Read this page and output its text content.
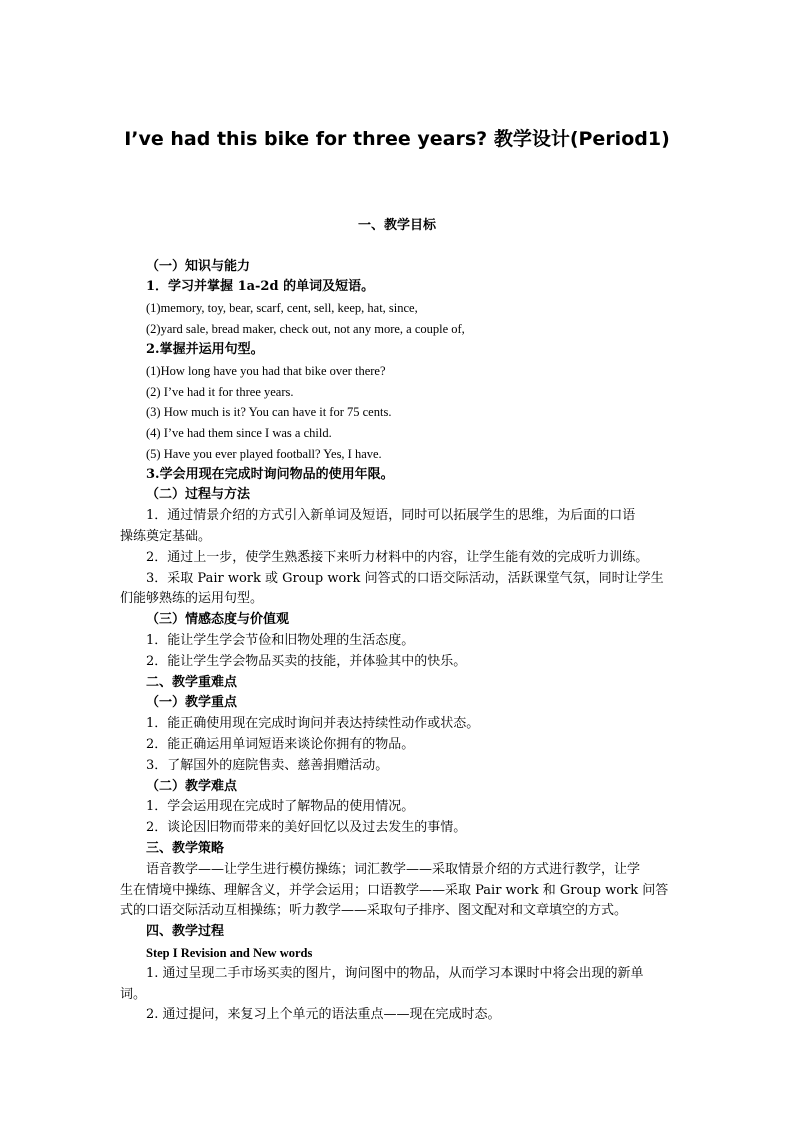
I’ve had this bike for three years? 教学设计(Period1)
一、教学目标
（一）知识与能力
1．学习并掌握 1a-2d 的单词及短语。
(1)memory, toy, bear, scarf, cent, sell, keep, hat, since,
(2)yard sale, bread maker, check out, not any more, a couple of,
2.掌握并运用句型。
(1)How long have you had that bike over there?
(2) I’ve had it for three years.
(3) How much is it? You can have it for 75 cents.
(4) I’ve had them since I was a child.
(5) Have you ever played football? Yes, I have.
3.学会用现在完成时询问物品的使用年限。
（二）过程与方法
1．通过情景介绍的方式引入新单词及短语，同时可以拓展学生的思维，为后面的口语
操练奠定基础。
2．通过上一步，使学生熟悉接下来听力材料中的内容，让学生能有效的完成听力训练。
3．采取 Pair work 或 Group work 问答式的口语交际活动，活跃课堂气氛，同时让学生
们能够熟练的运用句型。
（三）情感态度与价值观
1．能让学生学会节俭和旧物处理的生活态度。
2．能让学生学会物品买卖的技能，并体验其中的快乐。
二、教学重难点
（一）教学重点
1．能正确使用现在完成时询问并表达持续性动作或状态。
2．能正确运用单词短语来谈论你拥有的物品。
3．了解国外的庭院售卖、慈善捐赠活动。
（二）教学难点
1．学会运用现在完成时了解物品的使用情况。
2．谈论因旧物而带来的美好回忆以及过去发生的事情。
三、教学策略
语音教学——让学生进行模仿操练；词汇教学——采取情景介绍的方式进行教学，让学
生在情境中操练、理解含义，并学会运用；口语教学——采取 Pair work 和 Group work 问答
式的口语交际活动互相操练；听力教学——采取句子排序、图文配对和文章填空的方式。
四、教学过程
Step I Revision and New words
1. 通过呈现二手市场买卖的图片，询问图中的物品，从而学习本课时中将会出现的新单
词。
2. 通过提问，来复习上个单元的语法重点——现在完成时态。
